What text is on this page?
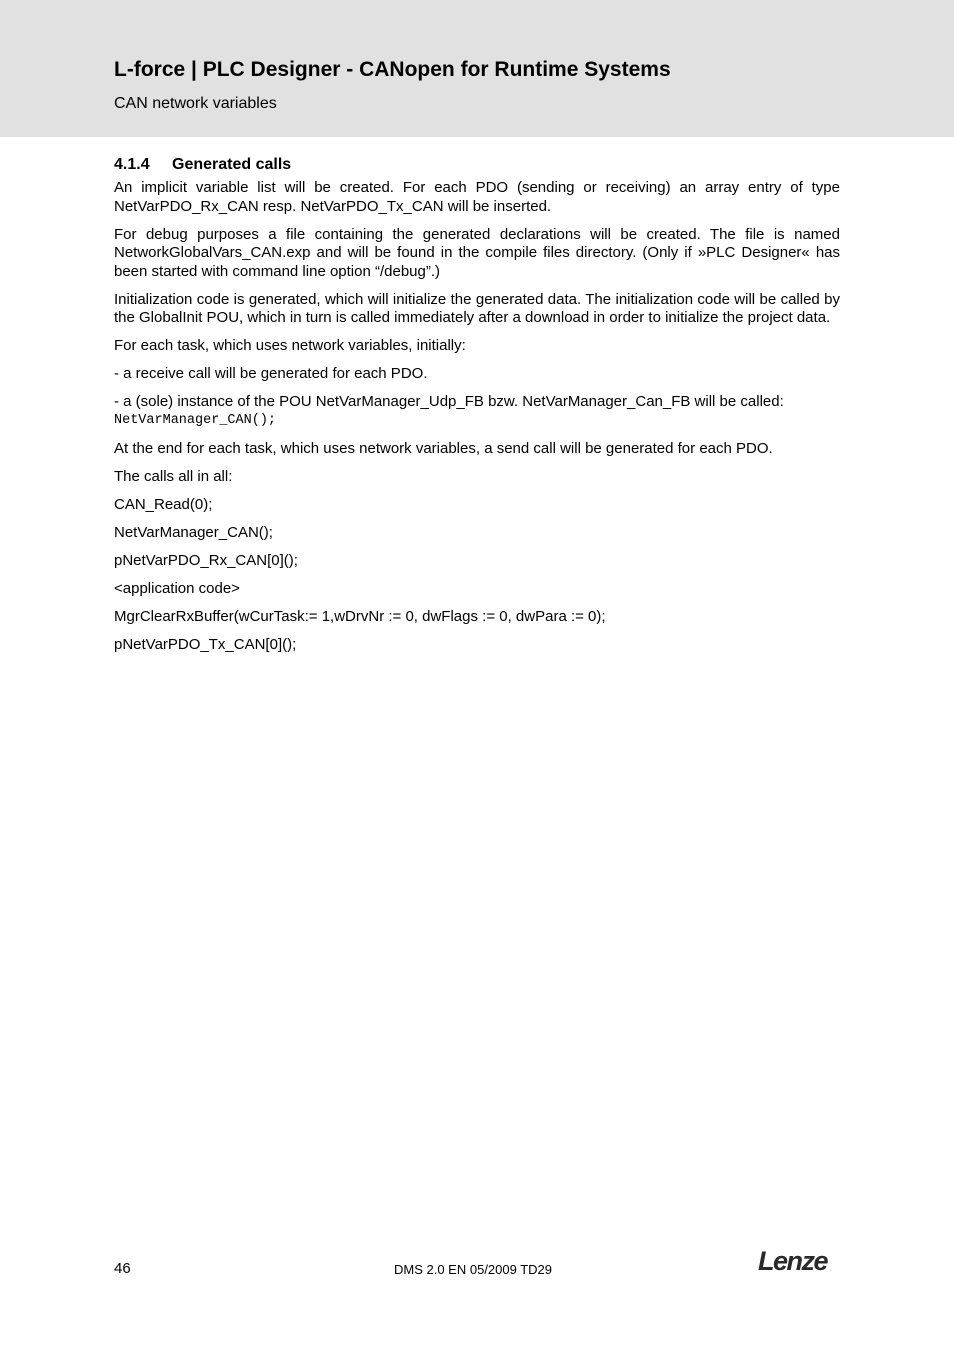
L-force | PLC Designer - CANopen for Runtime Systems
CAN network variables
4.1.4 Generated calls

An implicit variable list will be created. For each PDO (sending or receiving) an array entry of type NetVarPDO_Rx_CAN resp. NetVarPDO_Tx_CAN will be inserted.

For debug purposes a file containing the generated declarations will be created. The file is named NetworkGlobalVars_CAN.exp and will be found in the compile files directory. (Only if »PLC Designer« has been started with command line option “/debug”.)

Initialization code is generated, which will initialize the generated data. The initialization code will be called by the GlobalInit POU, which in turn is called immediately after a download in order to initialize the project data.

For each task, which uses network variables, initially:

- a receive call will be generated for each PDO.

- a (sole) instance of the POU NetVarManager_Udp_FB bzw. NetVarManager_Can_FB will be called:
NetVarManager_CAN();

At the end for each task, which uses network variables, a send call will be generated for each PDO.

The calls all in all:

CAN_Read(0);

NetVarManager_CAN();

pNetVarPDO_Rx_CAN[0]();

<application code>

MgrClearRxBuffer(wCurTask:= 1,wDrvNr := 0, dwFlags := 0, dwPara := 0);

pNetVarPDO_Tx_CAN[0]();

46	DMS 2.0 EN 05/2009 TD29	Lenze
